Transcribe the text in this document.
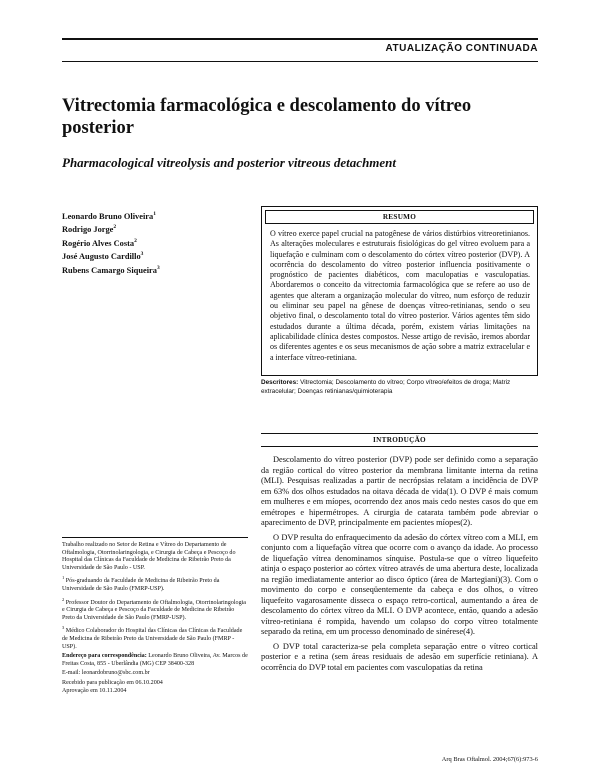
ATUALIZAÇÃO CONTINUADA
Vitrectomia farmacológica e descolamento do vítreo posterior
Pharmacological vitreolysis and posterior vitreous detachment
Leonardo Bruno Oliveira$^1$
Rodrigo Jorge$^2$
Rogério Alves Costa$^2$
José Augusto Cardillo$^3$
Rubens Camargo Siqueira$^3$
RESUMO

O vítreo exerce papel crucial na patogênese de vários distúrbios vitreoretinianos. As alterações moleculares e estruturais fisiológicas do gel vítreo evoluem para a liquefação e culminam com o descolamento do córtex vítreo posterior (DVP). A ocorrência do descolamento do vítreo posterior influencia positivamente o prognóstico de pacientes diabéticos, com maculopatias e vasculopatias. Abordaremos o conceito da vitrectomia farmacológica que se refere ao uso de agentes que alteram a organização molecular do vítreo, num esforço de reduzir ou eliminar seu papel na gênese de doenças vítreo-retinianas, sendo o seu objetivo final, o descolamento total do vítreo posterior. Vários agentes têm sido estudados durante a última década, porém, existem várias limitações na aplicabilidade clínica destes compostos. Nesse artigo de revisão, iremos abordar os diferentes agentes e os seus mecanismos de ação sobre a matriz extracelular e a interface vítreo-retiniana.

Descritores: Vitrectomia; Descolamento do vítreo; Corpo vítreo/efeitos de droga; Matriz extracelular; Doenças retinianas/quimioterapia
INTRODUÇÃO

Descolamento do vítreo posterior (DVP) pode ser definido como a separação da região cortical do vítreo posterior da membrana limitante interna da retina (MLI). Pesquisas realizadas a partir de necrópsias relatam a incidência de DVP em 63% dos olhos estudados na oitava década de vida(1). O DVP é mais comum em mulheres e em míopes, ocorrendo dez anos mais cedo nestes casos do que em emétropes e hipermétropes. A cirurgia de catarata também pode abreviar o aparecimento de DVP, principalmente em pacientes míopes(2).

O DVP resulta do enfraquecimento da adesão do córtex vítreo com a MLI, em conjunto com a liquefação vítrea que ocorre com o avanço da idade. Ao processo de liquefação vítrea denominamos sínquise. Postula-se que o vítreo liquefeito atinja o espaço posterior ao córtex vítreo através de uma abertura deste, localizada na região imediatamente anterior ao disco óptico (área de Martegiani)(3). Com o movimento do corpo e conseqüentemente da cabeça e dos olhos, o vítreo liquefeito vagarosamente disseca o espaço retro-cortical, aumentando a área de descolamento do córtex vítreo da MLI. O DVP acontece, então, quando a adesão vítreo-retiniana é rompida, havendo um colapso do corpo vítreo totalmente separado da retina, em um processo denominado de sinérese(4).

O DVP total caracteriza-se pela completa separação entre o vítreo cortical posterior e a retina (sem áreas residuais de adesão em superfície retiniana). A ocorrência do DVP total em pacientes com vasculopatias da retina

Trabalho realizado no Setor de Retina e Vítreo do Departamento de Oftalmologia, Otorrinolaringologia, e Cirurgia de Cabeça e Pescoço do Hospital das Clínicas da Faculdade de Medicina de Ribeirão Preto da Universidade de São Paulo - USP.

$^1$ Pós-graduando da Faculdade de Medicina de Ribeirão Preto da Universidade de São Paulo (FMRP-USP).

$^2$ Professor Doutor do Departamento de Oftalmologia, Otorrinolaringologia e Cirurgia de Cabeça e Pescoço da Faculdade de Medicina de Ribeirão Preto da Universidade de São Paulo (FMRP-USP).

$^3$ Médico Colaborador do Hospital das Clínicas das Clínicas da Faculdade de Medicina de Ribeirão Preto da Universidade de São Paulo (FMRP - USP).

Endereço para correspondência: Leonardo Bruno Oliveira, Av. Marcos de Freitas Costa, 855 - Uberlândia (MG) CEP 38400-328

E-mail: leonardobruno@sbc.com.br

Recebido para publicação em 06.10.2004
Aprovação em 10.11.2004
Arq Bras Oftalmol. 2004;67(6):973-6
